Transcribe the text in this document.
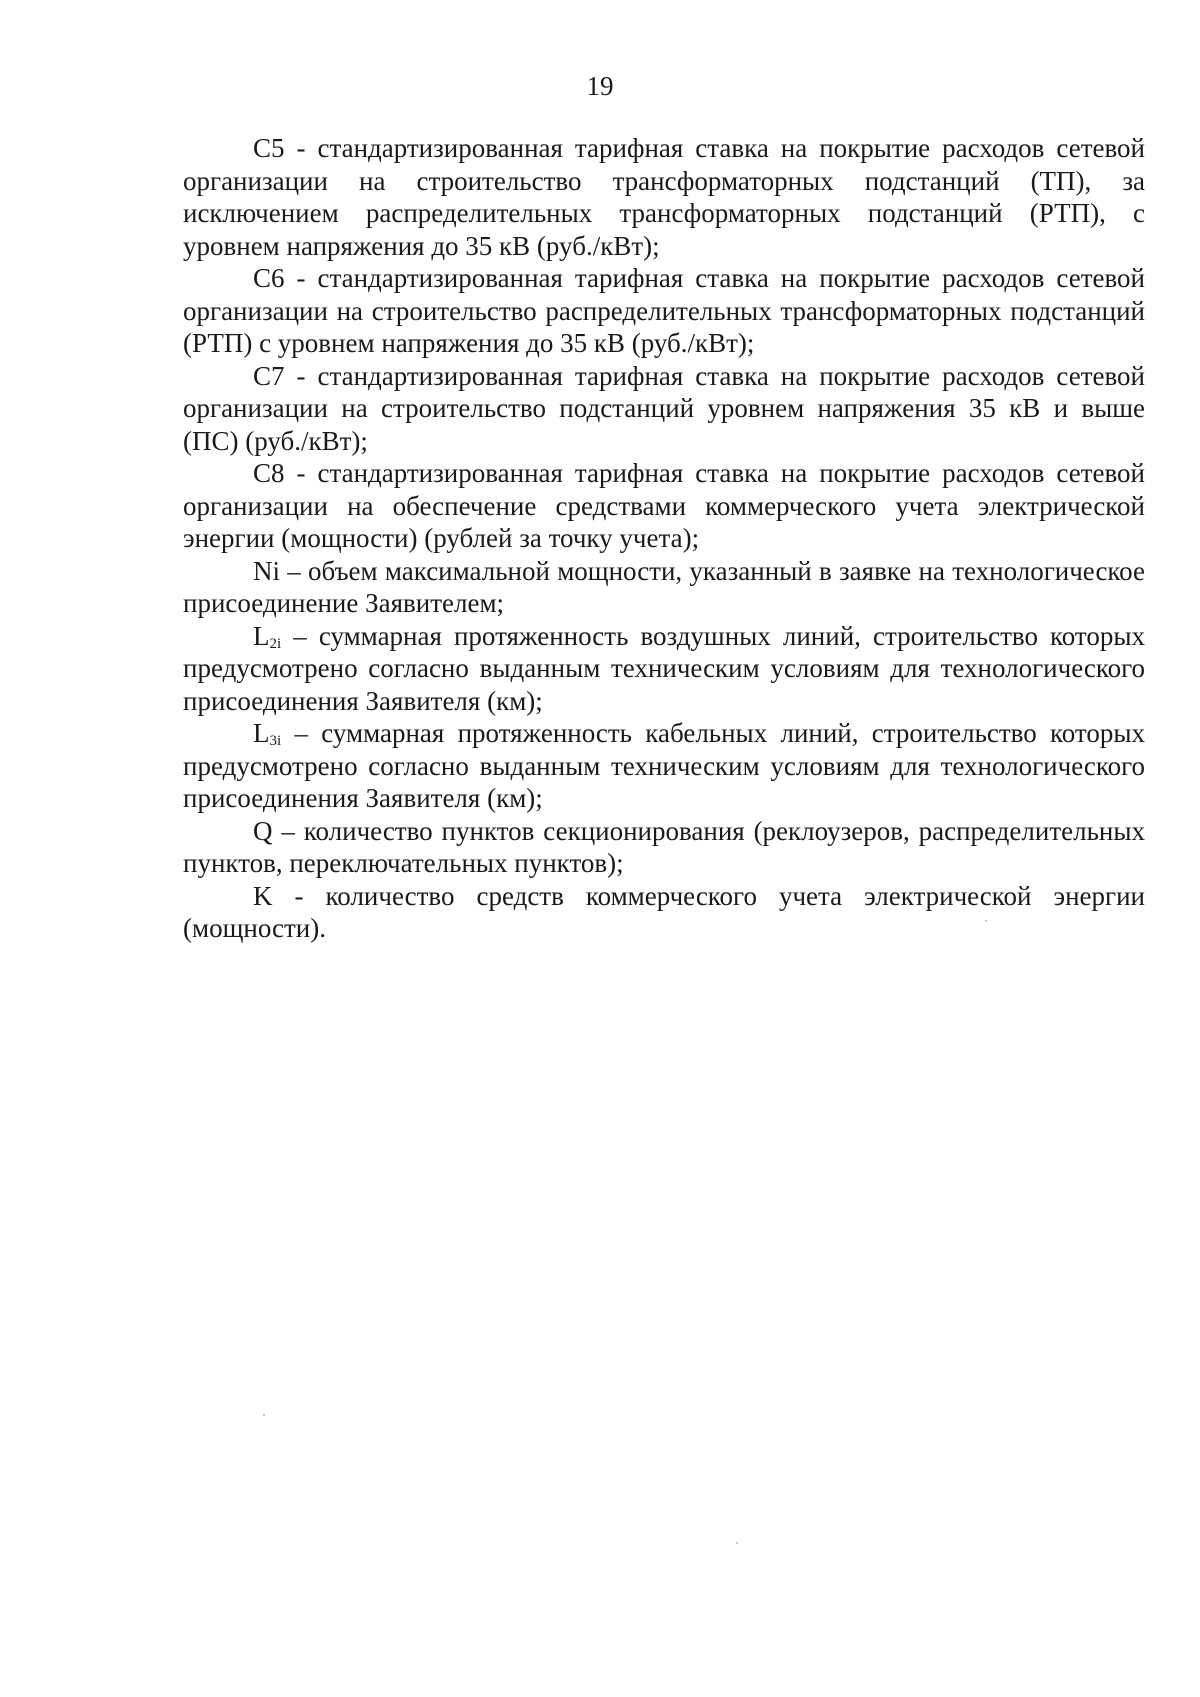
19

C5 - стандартизированная тарифная ставка на покрытие расходов сетевой организации на строительство трансформаторных подстанций (ТП), за исключением распределительных трансформаторных подстанций (РТП), с уровнем напряжения до 35 кВ (руб./кВт);

C6 - стандартизированная тарифная ставка на покрытие расходов сетевой организации на строительство распределительных трансформаторных подстанций (РТП) с уровнем напряжения до 35 кВ (руб./кВт);

C7 - стандартизированная тарифная ставка на покрытие расходов сетевой организации на строительство подстанций уровнем напряжения 35 кВ и выше (ПС) (руб./кВт);

C8 - стандартизированная тарифная ставка на покрытие расходов сетевой организации на обеспечение средствами коммерческого учета электрической энергии (мощности) (рублей за точку учета);

Ni – объем максимальной мощности, указанный в заявке на технологическое присоединение Заявителем;

$L_{2i}$ – суммарная протяженность воздушных линий, строительство которых предусмотрено согласно выданным техническим условиям для технологического присоединения Заявителя (км);

$L_{3i}$ – суммарная протяженность кабельных линий, строительство которых предусмотрено согласно выданным техническим условиям для технологического присоединения Заявителя (км);

Q – количество пунктов секционирования (реклоузеров, распределительных пунктов, переключательных пунктов);

K - количество средств коммерческого учета электрической энергии (мощности).
